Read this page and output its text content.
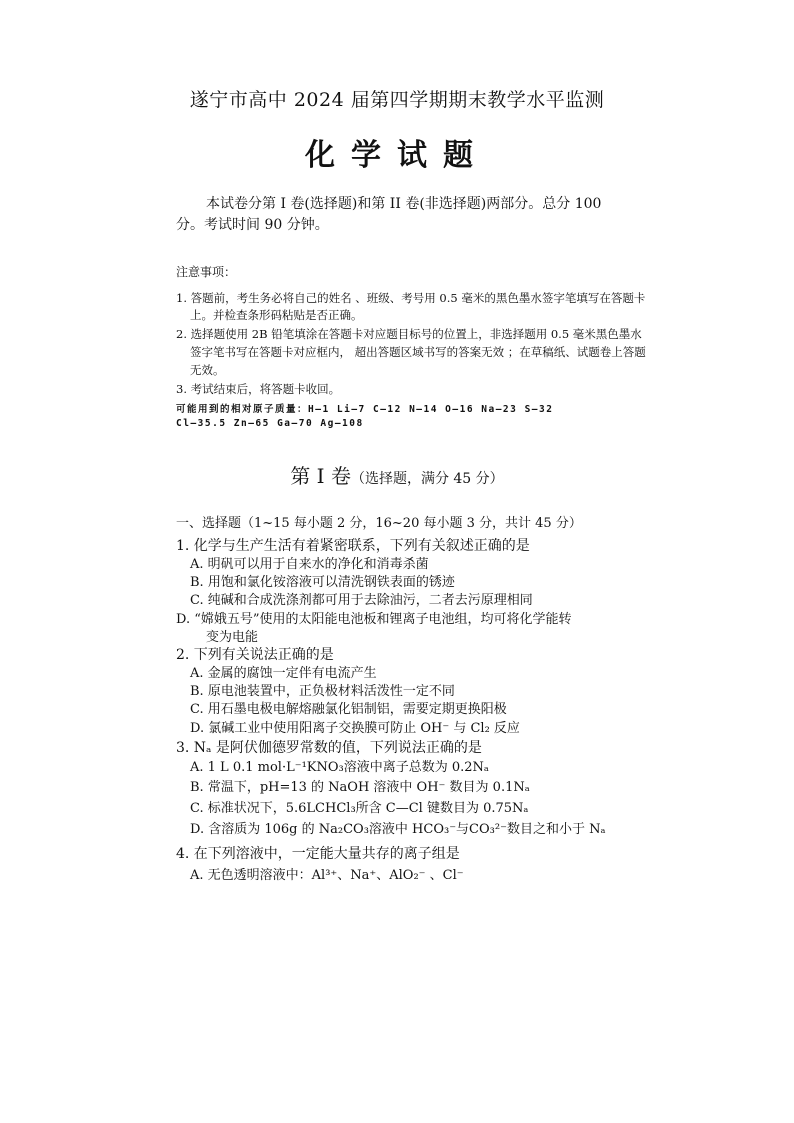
遂宁市高中 2024 届第四学期期末教学水平监测
化学试题
本试卷分第 I 卷(选择题)和第 II 卷(非选择题)两部分。总分 100
分。考试时间 90 分钟。
注意事项：
1. 答题前，考生务必将自己的姓名 、班级、考号用 0.5 毫米的黑色墨水签字笔填写在答题卡
上。并检查条形码粘贴是否正确。
2. 选择题使用 2B 铅笔填涂在答题卡对应题目标号的位置上，非选择题用 0.5 毫米黑色墨水
签字笔书写在答题卡对应框内， 超出答题区域书写的答案无效 ；在草稿纸、试题卷上答题
无效。
3. 考试结束后，将答题卡收回。
可能用到的相对原子质量：H—1 Li—7 C—12 N—14 O—16 Na—23 S—32
Cl—35.5 Zn—65 Ga—70 Ag—108
第 Ⅰ 卷（选择题，满分 45 分）
一、选择题（1~15 每小题 2 分，16~20 每小题 3 分，共计 45 分）
1. 化学与生产生活有着紧密联系，下列有关叙述正确的是
A. 明矾可以用于自来水的净化和消毒杀菌
B. 用饱和氯化铵溶液可以清洗钢铁表面的锈迹
C. 纯碱和合成洗涤剂都可用于去除油污，二者去污原理相同
D. “嫦娥五号”使用的太阳能电池板和锂离子电池组，均可将化学能转
变为电能
2. 下列有关说法正确的是
A. 金属的腐蚀一定伴有电流产生
B. 原电池装置中，正负极材料活泼性一定不同
C. 用石墨电极电解熔融氯化铝制铝，需要定期更换阳极
D. 氯碱工业中使用阳离子交换膜可防止 OH⁻ 与 Cl₂ 反应
3. Nₐ 是阿伏伽德罗常数的值，下列说法正确的是
A. 1 L 0.1 mol·L⁻¹KNO₃溶液中离子总数为 0.2Nₐ
B. 常温下，pH=13 的 NaOH 溶液中 OH⁻ 数目为 0.1Nₐ
C. 标准状况下，5.6LCHCl₃所含 C—Cl 键数目为 0.75Nₐ
D. 含溶质为 106g 的 Na₂CO₃溶液中 HCO₃⁻与CO₃²⁻数目之和小于 Nₐ
4. 在下列溶液中，一定能大量共存的离子组是
A. 无色透明溶液中：Al³⁺、Na⁺、AlO₂⁻ 、Cl⁻
